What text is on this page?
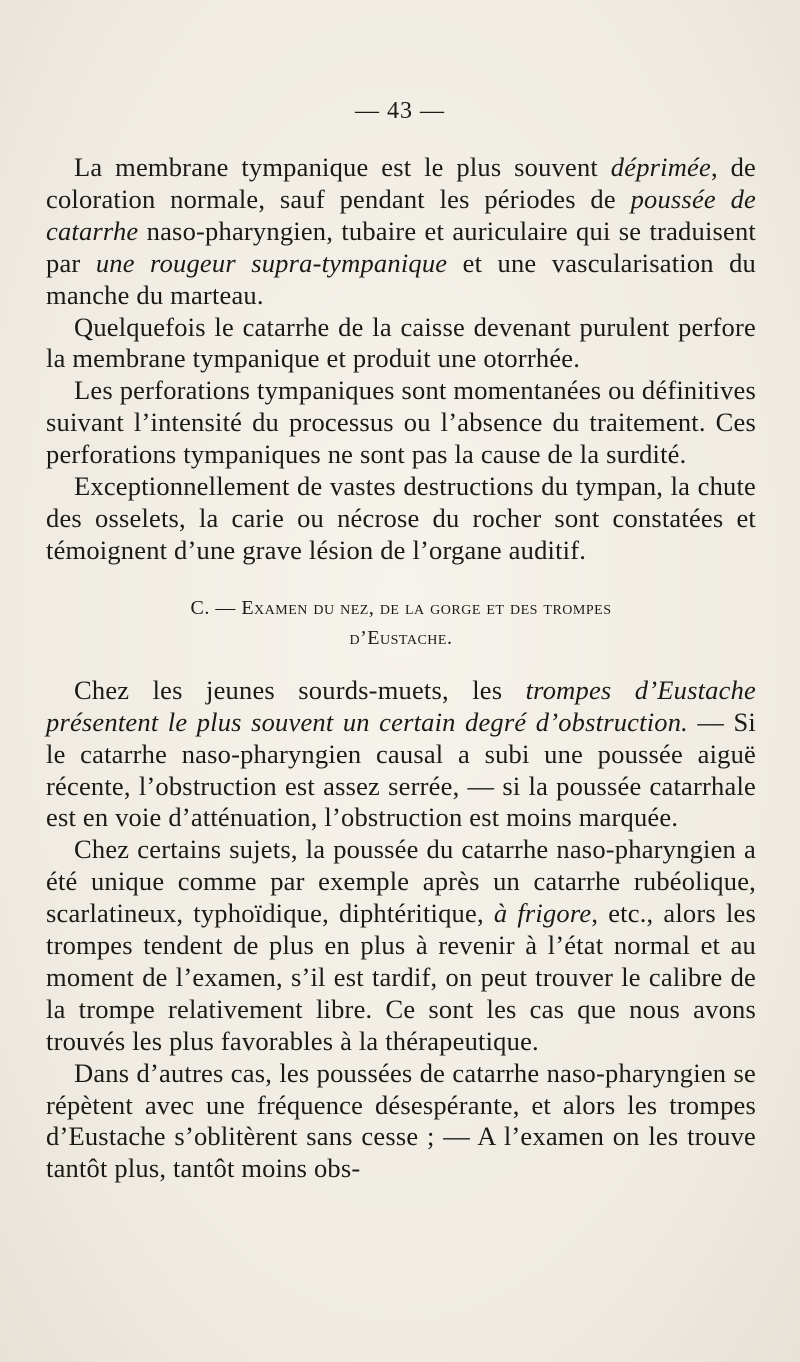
— 43 —

La membrane tympanique est le plus souvent déprimée, de coloration normale, sauf pendant les périodes de poussée de catarrhe naso-pharyngien, tubaire et auriculaire qui se traduisent par une rougeur supra-tympanique et une vascularisation du manche du marteau.

Quelquefois le catarrhe de la caisse devenant purulent perfore la membrane tympanique et produit une otorrhée.

Les perforations tympaniques sont momentanées ou définitives suivant l’intensité du processus ou l’absence du traitement. Ces perforations tympaniques ne sont pas la cause de la surdité.

Exceptionnellement de vastes destructions du tympan, la chute des osselets, la carie ou nécrose du rocher sont constatées et témoignent d’une grave lésion de l’organe auditif.

C. — Examen du nez, de la gorge et des trompes
d’Eustache.

Chez les jeunes sourds-muets, les trompes d’Eustache présentent le plus souvent un certain degré d’obstruction. — Si le catarrhe naso-pharyngien causal a subi une poussée aiguë récente, l’obstruction est assez serrée, — si la poussée catarrhale est en voie d’atténuation, l’obstruction est moins marquée.

Chez certains sujets, la poussée du catarrhe naso-pharyngien a été unique comme par exemple après un catarrhe rubéolique, scarlatineux, typhoïdique, diphtéritique, à frigore, etc., alors les trompes tendent de plus en plus à revenir à l’état normal et au moment de l’examen, s’il est tardif, on peut trouver le calibre de la trompe relativement libre. Ce sont les cas que nous avons trouvés les plus favorables à la thérapeutique.

Dans d’autres cas, les poussées de catarrhe naso-pharyngien se répètent avec une fréquence désespérante, et alors les trompes d’Eustache s’oblitèrent sans cesse ; — A l’examen on les trouve tantôt plus, tantôt moins obs-
